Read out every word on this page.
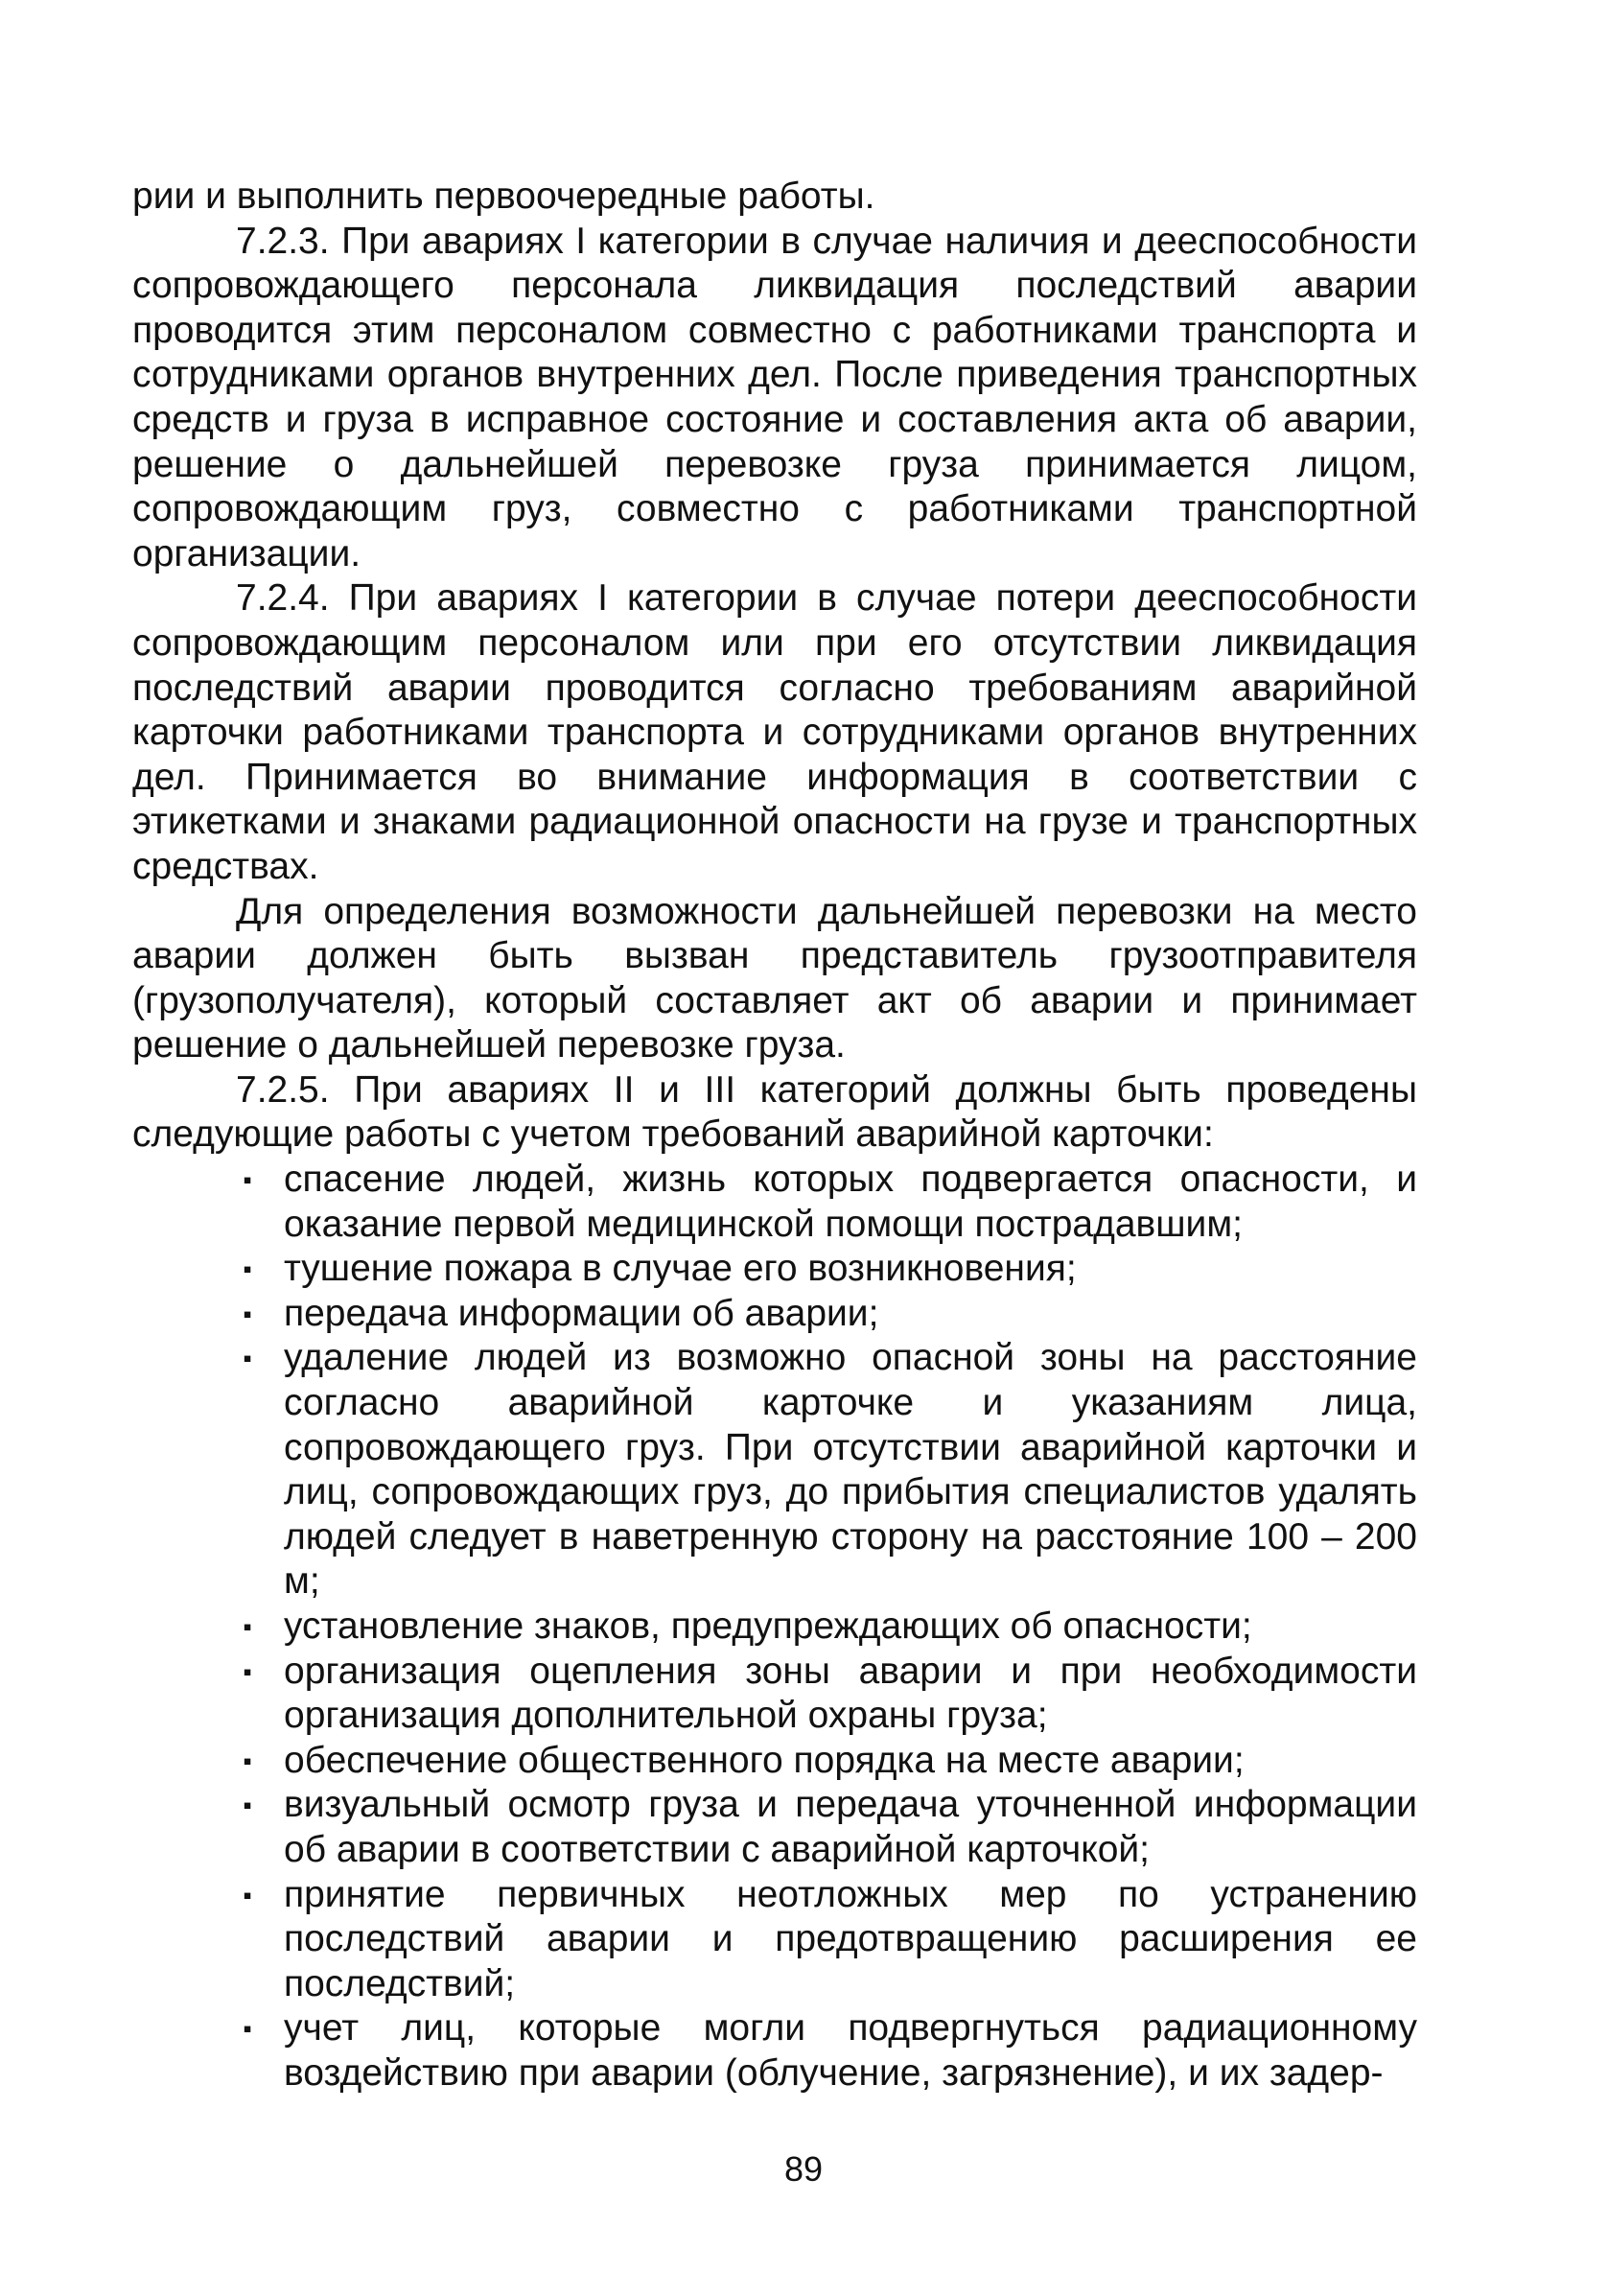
рии и выполнить первоочередные работы.

7.2.3. При авариях I категории в случае наличия и дееспособности сопровождающего персонала ликвидация последствий аварии проводится этим персоналом совместно с работниками транспорта и сотрудниками органов внутренних дел. После приведения транспортных средств и груза в исправное состояние и составления акта об аварии, решение о дальнейшей перевозке груза принимается лицом, сопровождающим груз, совместно с работниками транспортной организации.

7.2.4. При авариях I категории в случае потери дееспособности сопровождающим персоналом или при его отсутствии ликвидация последствий аварии проводится согласно требованиям аварийной карточки работниками транспорта и сотрудниками органов внутренних дел. Принимается во внимание информация в соответствии с этикетками и знаками радиационной опасности на грузе и транспортных средствах.

Для определения возможности дальнейшей перевозки на место аварии должен быть вызван представитель грузоотправителя (грузополучателя), который составляет акт об аварии и принимает решение о дальнейшей перевозке груза.

7.2.5. При авариях II и III категорий должны быть проведены следующие работы с учетом требований аварийной карточки:

▪ спасение людей, жизнь которых подвергается опасности, и оказание первой медицинской помощи пострадавшим;
▪ тушение пожара в случае его возникновения;
▪ передача информации об аварии;
▪ удаление людей из возможно опасной зоны на расстояние согласно аварийной карточке и указаниям лица, сопровождающего груз. При отсутствии аварийной карточки и лиц, сопровождающих груз, до прибытия специалистов удалять людей следует в наветренную сторону на расстояние 100 – 200 м;
▪ установление знаков, предупреждающих об опасности;
▪ организация оцепления зоны аварии и при необходимости организация дополнительной охраны груза;
▪ обеспечение общественного порядка на месте аварии;
▪ визуальный осмотр груза и передача уточненной информации об аварии в соответствии с аварийной карточкой;
▪ принятие первичных неотложных мер по устранению последствий аварии и предотвращению расширения ее последствий;
▪ учет лиц, которые могли подвергнуться радиационному воздействию при аварии (облучение, загрязнение), и их задер-
89
